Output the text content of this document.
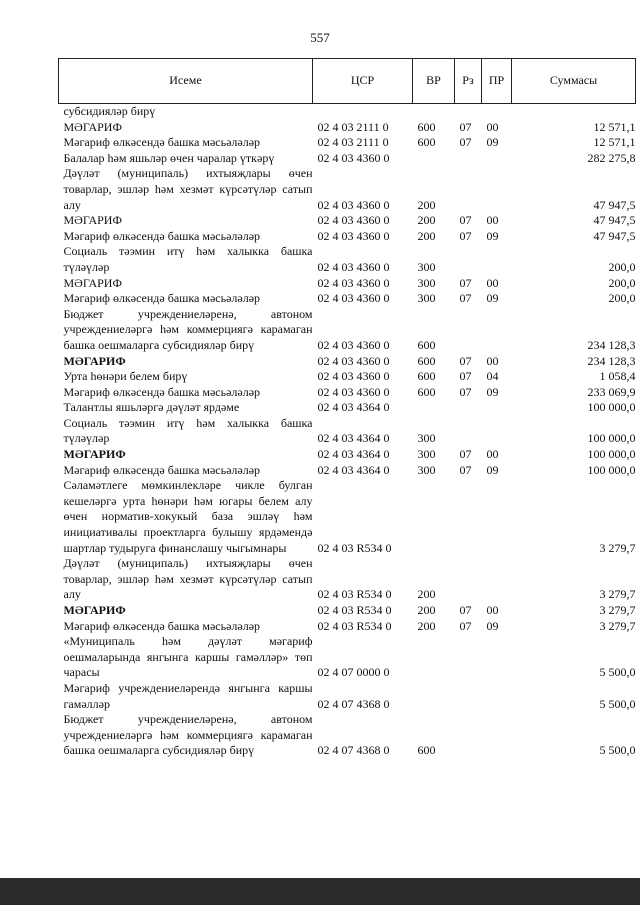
557
Исеме	ЦСР	ВР	Рз	ПР	Суммасы
субсидияләр бирү					
МӘГАРИФ	02 4 03 2111 0	600	07	00	12 571,1
Мәгариф өлкәсендә башка мәсьәләләр	02 4 03 2111 0	600	07	09	12 571,1
Балалар һәм яшьләр өчен чаралар үткәрү	02 4 03 4360 0				282 275,8
Дәүләт (муниципаль) ихтыяҗлары өчен товарлар, эшләр һәм хезмәт күрсәтүләр сатып алу	02 4 03 4360 0	200			47 947,5
МӘГАРИФ	02 4 03 4360 0	200	07	00	47 947,5
Мәгариф өлкәсендә башка мәсьәләләр	02 4 03 4360 0	200	07	09	47 947,5
Социаль тәэмин итү һәм халыкка башка түләүләр	02 4 03 4360 0	300			200,0
МӘГАРИФ	02 4 03 4360 0	300	07	00	200,0
Мәгариф өлкәсендә башка мәсьәләләр	02 4 03 4360 0	300	07	09	200,0
Бюджет учреждениеләренә, автоном учреждениеләргә һәм коммерциягә карамаган башка оешмаларга субсидияләр бирү	02 4 03 4360 0	600			234 128,3
МӘГАРИФ	02 4 03 4360 0	600	07	00	234 128,3
Урта һөнәри белем бирү	02 4 03 4360 0	600	07	04	1 058,4
Мәгариф өлкәсендә башка мәсьәләләр	02 4 03 4360 0	600	07	09	233 069,9
Талантлы яшьләргә дәүләт ярдәме	02 4 03 4364 0				100 000,0
Социаль тәэмин итү һәм халыкка башка түләүләр	02 4 03 4364 0	300			100 000,0
МӘГАРИФ	02 4 03 4364 0	300	07	00	100 000,0
Мәгариф өлкәсендә башка мәсьәләләр	02 4 03 4364 0	300	07	09	100 000,0
Сәламәтлеге мөмкинлекләре чикле булган кешеләргә урта һөнәри һәм югары белем алу өчен норматив-хокукый база эшләү һәм инициативалы проектларга булышу ярдәмендә шартлар тудыруга финанслашу чыгымнары	02 4 03 R534 0				3 279,7
Дәүләт (муниципаль) ихтыяҗлары өчен товарлар, эшләр һәм хезмәт күрсәтүләр сатып алу	02 4 03 R534 0	200			3 279,7
МӘГАРИФ	02 4 03 R534 0	200	07	00	3 279,7
Мәгариф өлкәсендә башка мәсьәләләр	02 4 03 R534 0	200	07	09	3 279,7
«Муниципаль һәм дәүләт мәгариф оешмаларында янгынга каршы гамәлләр» төп чарасы	02 4 07 0000 0				5 500,0
Мәгариф учреждениеләрендә янгынга каршы гамәлләр	02 4 07 4368 0				5 500,0
Бюджет учреждениеләренә, автоном учреждениеләргә һәм коммерциягә карамаган башка оешмаларга субсидияләр бирү	02 4 07 4368 0	600			5 500,0
